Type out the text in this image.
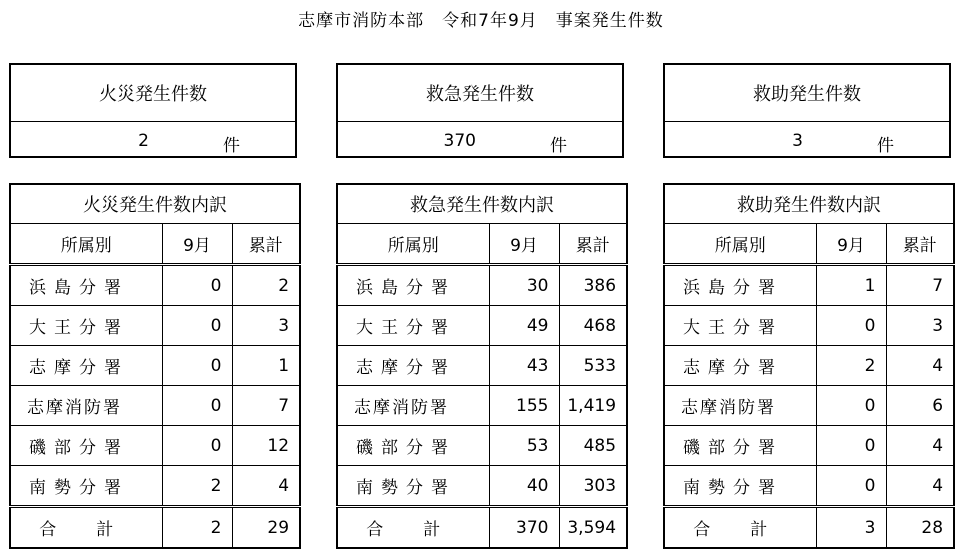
志摩市消防本部　令和7年9月　事案発生件数
火災発生件数
2	件
救急発生件数
370	件
救助発生件数
3	件
火災発生件数内訳		
所属別	9月	累計
浜島分署	0	2
大王分署	0	3
志摩分署	0	1
志摩消防署	0	7
磯部分署	0	12
南勢分署	2	4
合計	2	29
救急発生件数内訳		
所属別	9月	累計
浜島分署	30	386
大王分署	49	468
志摩分署	43	533
志摩消防署	155	1,419
磯部分署	53	485
南勢分署	40	303
合計	370	3,594
救助発生件数内訳		
所属別	9月	累計
浜島分署	1	7
大王分署	0	3
志摩分署	2	4
志摩消防署	0	6
磯部分署	0	4
南勢分署	0	4
合計	3	28
